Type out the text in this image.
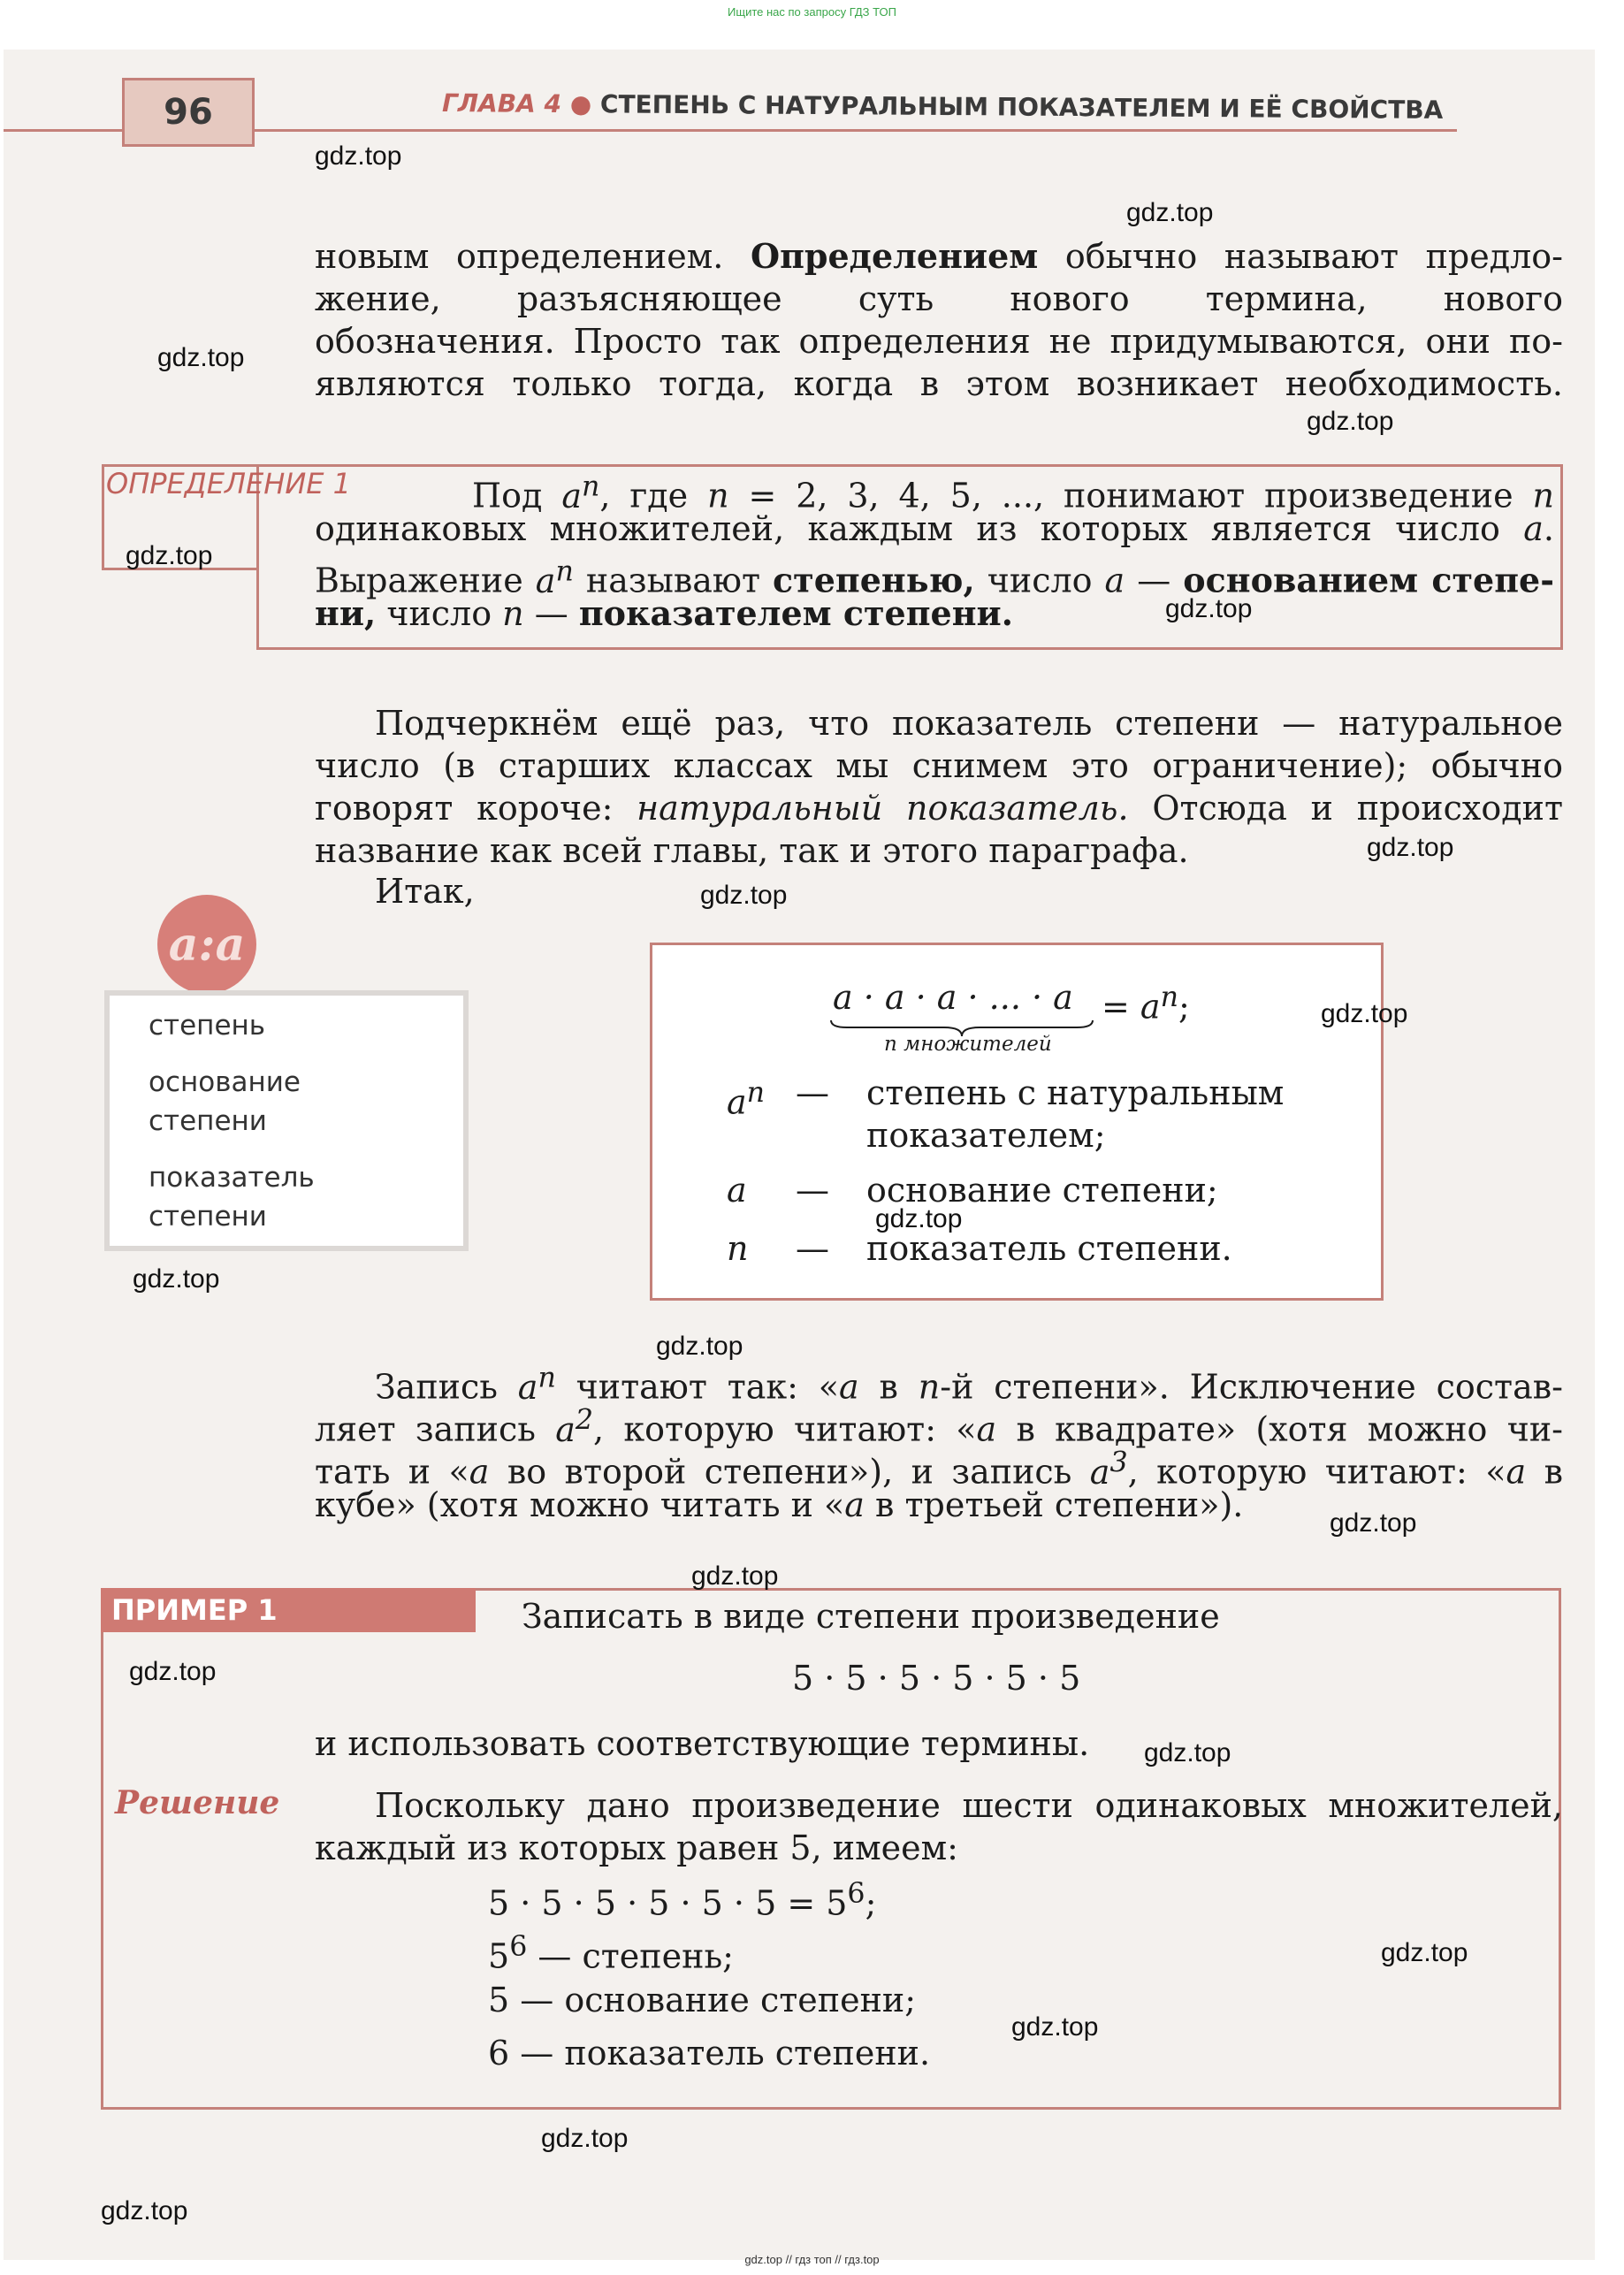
Ищите нас по запросу ГДЗ ТОП
96	ГЛАВА 4 ● СТЕПЕНЬ С НАТУРАЛЬНЫМ ПОКАЗАТЕЛЕМ И ЕЁ СВОЙСТВА
новым определением. Определением обычно называют предло-
жение, разъясняющее суть нового термина, нового
обозначения. Просто так определения не придумываются, они по-
являются только тогда, когда в этом возникает необходимость.
ОПРЕДЕЛЕНИЕ 1	Под $a^n$, где n = 2, 3, 4, 5, ..., понимают произведение n
одинаковых множителей, каждым из которых является число a.
Выражение $a^n$ называют степенью, число a — основанием степе-
ни, число n — показателем степени.
Подчеркнём ещё раз, что показатель степени — натуральное
число (в старших классах мы снимем это ограничение); обычно
говорят короче: натуральный показатель. Отсюда и происходит
название как всей главы, так и этого параграфа.
Итак,
a:a
степень
основание
степени
показатель
степени
a · a · a · ... · $a = a^n$;
n множителей
$a^n$ — степень с натуральным
показателем;
a — основание степени;
n — показатель степени.
Запись $a^n$ читают так: «a в n-й степени». Исключение состав-
ляет запись $a^2$, которую читают: «a в квадрате» (хотя можно чи-
тать и «a во второй степени»), и запись $a^3$, которую читают: «a в
кубе» (хотя можно читать и «a в третьей степени»).
ПРИМЕР 1	Записать в виде степени произведение
5 · 5 · 5 · 5 · 5 · 5
и использовать соответствующие термины.
Решение	Поскольку дано произведение шести одинаковых множителей,
каждый из которых равен 5, имеем:
$5 \cdot 5 \cdot 5 \cdot 5 \cdot 5 \cdot 5 = 5^6$;
$5^6$ — степень;
5 — основание степени;
6 — показатель степени.
gdz.top
gdz.top
gdz.top
gdz.top
gdz.top
gdz.top
gdz.top
gdz.top
gdz.top
gdz.top
gdz.top
gdz.top
gdz.top
gdz.top
gdz.top
gdz.top
gdz.top
gdz.top
gdz.top
gdz.top
gdz.top // гдз топ // гдз.top
